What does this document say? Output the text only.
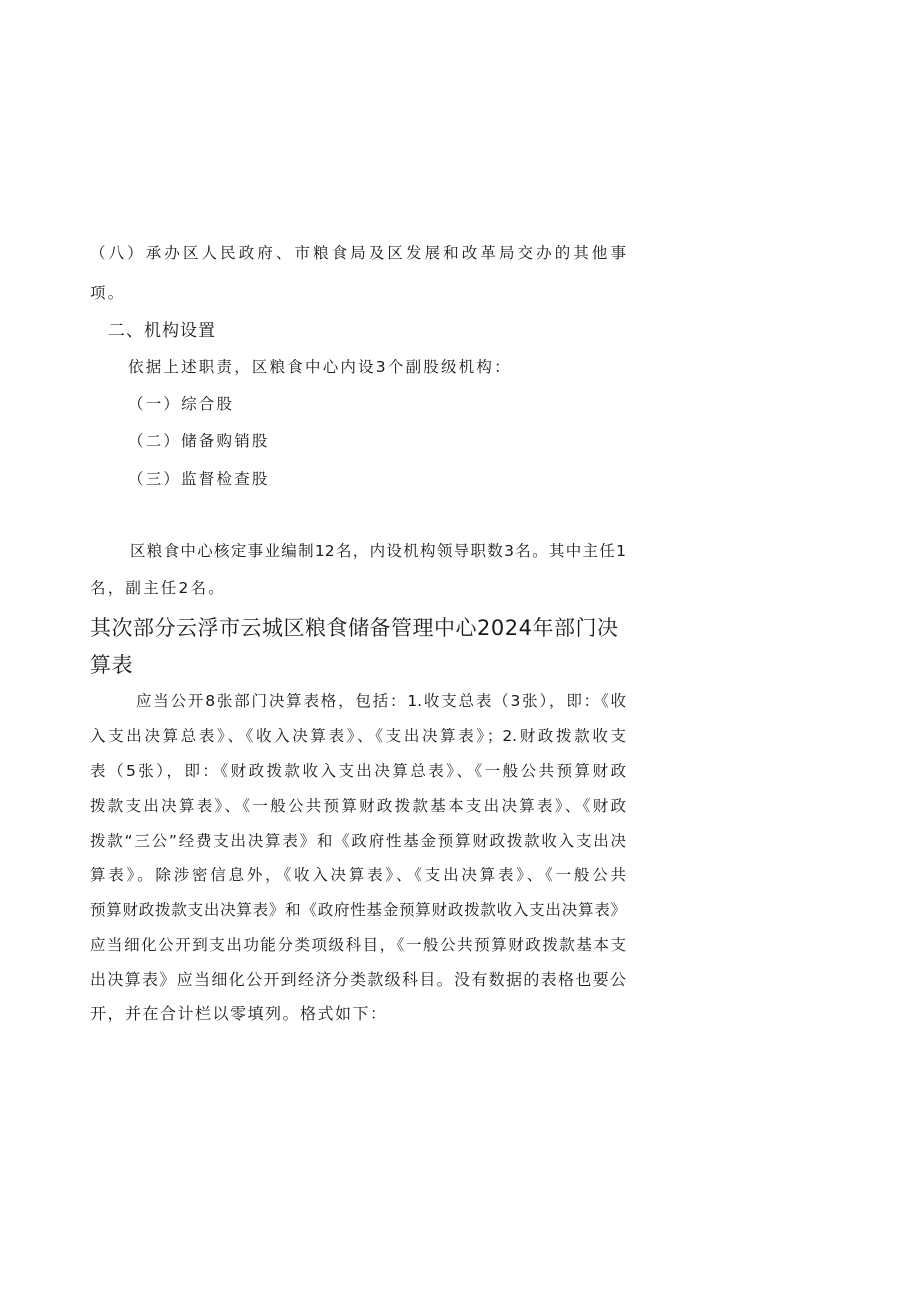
（八）承办区人民政府、市粮食局及区发展和改革局交办的其他事
项。
二、机构设置
依据上述职责，区粮食中心内设3个副股级机构：
（一）综合股
（二）储备购销股
（三）监督检查股
区粮食中心核定事业编制12名，内设机构领导职数3名。其中主任1
名，副主任2名。
其次部分云浮市云城区粮食储备管理中心2024年部门决
算表
应当公开8张部门决算表格，包括：1.收支总表（3张），即：《收
入支出决算总表》、《收入决算表》、《支出决算表》；2.财政拨款收支
表（5张），即：《财政拨款收入支出决算总表》、《一般公共预算财政
拨款支出决算表》、《一般公共预算财政拨款基本支出决算表》、《财政
拨款“三公”经费支出决算表》和《政府性基金预算财政拨款收入支出决
算表》。除涉密信息外，《收入决算表》、《支出决算表》、《一般公共
预算财政拨款支出决算表》和《政府性基金预算财政拨款收入支出决算表》
应当细化公开到支出功能分类项级科目，《一般公共预算财政拨款基本支
出决算表》应当细化公开到经济分类款级科目。没有数据的表格也要公
开，并在合计栏以零填列。格式如下：
